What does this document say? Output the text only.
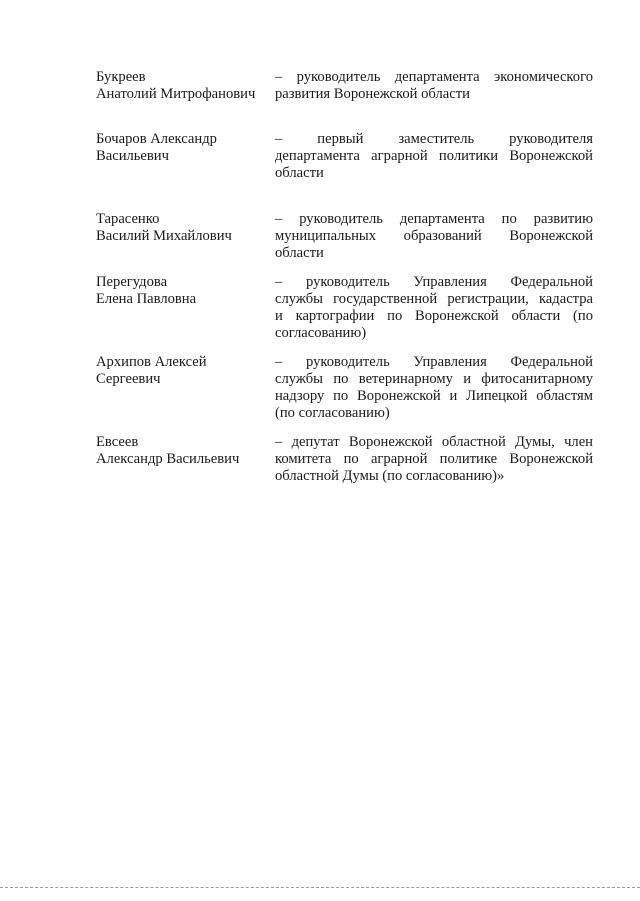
Букреев
Анатолий Митрофанович
– руководитель департамента экономического
развития Воронежской области
Бочаров Александр
Васильевич
– первый заместитель руководителя
департамента аграрной политики Воронежской
области
Тарасенко
Василий Михайлович
– руководитель департамента по развитию
муниципальных образований Воронежской
области
Перегудова
Елена Павловна
– руководитель Управления Федеральной
службы государственной регистрации, кадастра
и картографии по Воронежской области (по
согласованию)
Архипов Алексей
Сергеевич
– руководитель Управления Федеральной
службы по ветеринарному и фитосанитарному
надзору по Воронежской и Липецкой областям
(по согласованию)
Евсеев
Александр Васильевич
– депутат Воронежской областной Думы, член
комитета по аграрной политике Воронежской
областной Думы (по согласованию)»
